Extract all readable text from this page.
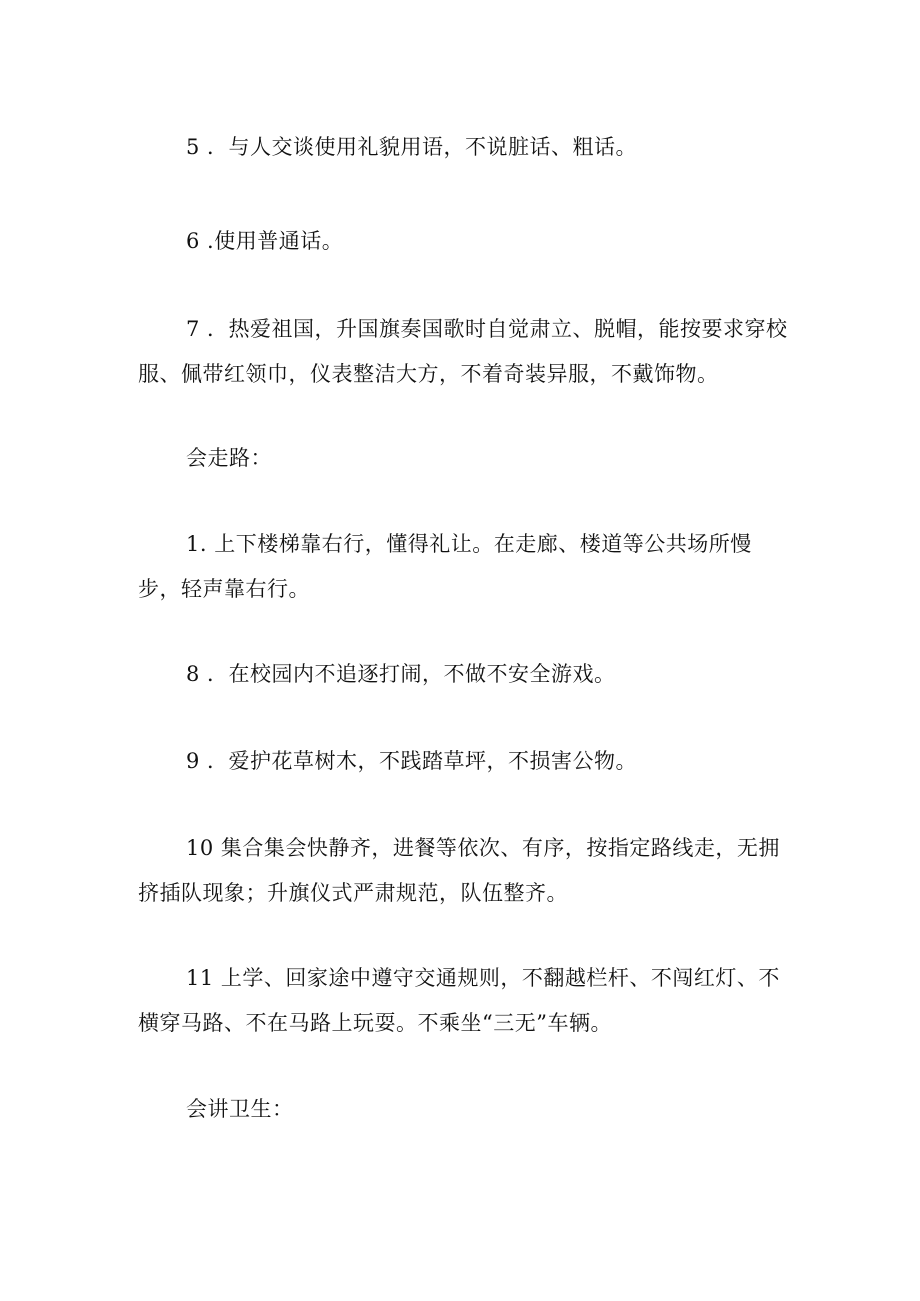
5 ．与人交谈使用礼貌用语，不说脏话、粗话。

6 .使用普通话。

7 ．热爱祖国，升国旗奏国歌时自觉肃立、脱帽，能按要求穿校服、佩带红领巾，仪表整洁大方，不着奇装异服，不戴饰物。

会走路：

1. 上下楼梯靠右行，懂得礼让。在走廊、楼道等公共场所慢步，轻声靠右行。

8 ．在校园内不追逐打闹，不做不安全游戏。

9 ．爱护花草树木，不践踏草坪，不损害公物。

10 集合集会快静齐，进餐等依次、有序，按指定路线走，无拥挤插队现象；升旗仪式严肃规范，队伍整齐。

11 上学、回家途中遵守交通规则，不翻越栏杆、不闯红灯、不横穿马路、不在马路上玩耍。不乘坐“三无”车辆。

会讲卫生：
